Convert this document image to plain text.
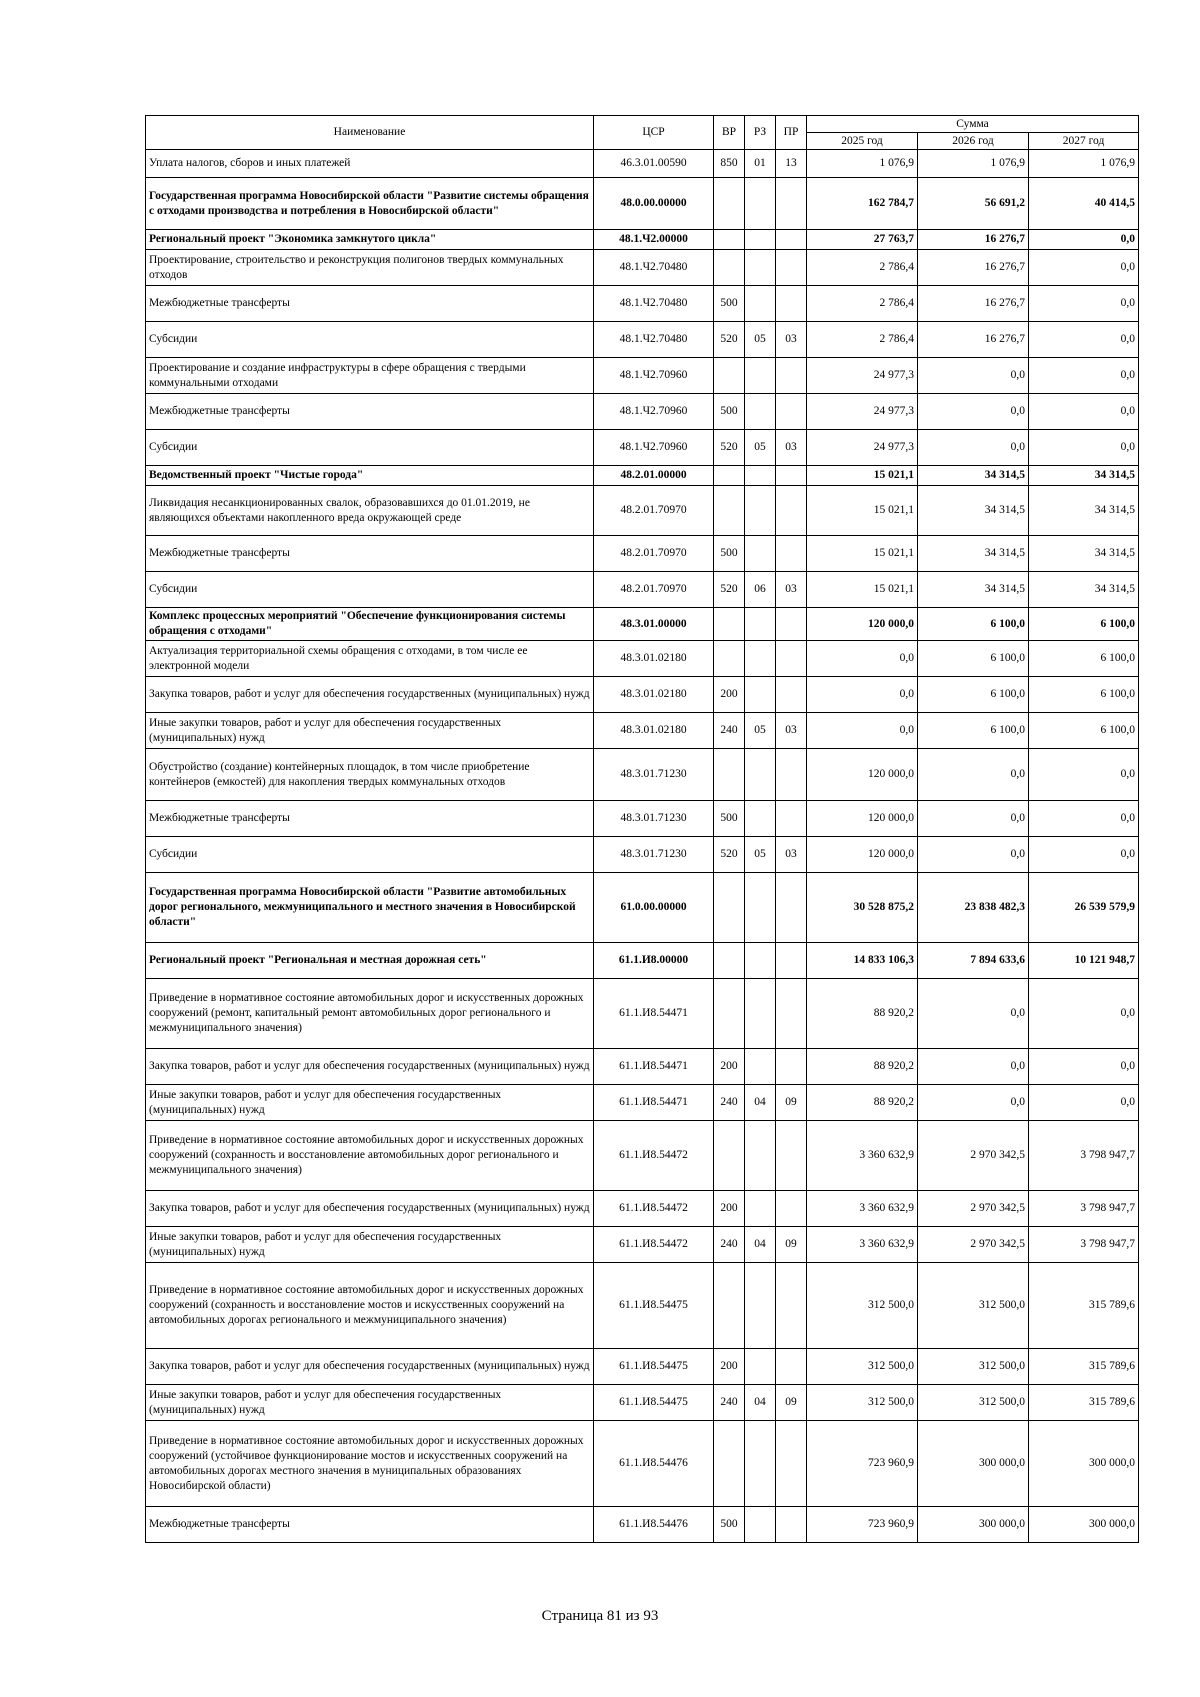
Наименование	ЦСР	ВР	РЗ	ПР	Сумма		
					2025 год	2026 год	2027 год
Уплата налогов, сборов и иных платежей	46.3.01.00590	850	01	13	1 076,9	1 076,9	1 076,9
Государственная программа Новосибирской области "Развитие системы обращения с отходами производства и потребления в Новосибирской области"	48.0.00.00000				162 784,7	56 691,2	40 414,5
Региональный проект "Экономика замкнутого цикла"	48.1.Ч2.00000				27 763,7	16 276,7	0,0
Проектирование, строительство и реконструкция полигонов твердых коммунальных отходов	48.1.Ч2.70480				2 786,4	16 276,7	0,0
Межбюджетные трансферты	48.1.Ч2.70480	500			2 786,4	16 276,7	0,0
Субсидии	48.1.Ч2.70480	520	05	03	2 786,4	16 276,7	0,0
Проектирование и создание инфраструктуры в сфере обращения с твердыми коммунальными отходами	48.1.Ч2.70960				24 977,3	0,0	0,0
Межбюджетные трансферты	48.1.Ч2.70960	500			24 977,3	0,0	0,0
Субсидии	48.1.Ч2.70960	520	05	03	24 977,3	0,0	0,0
Ведомственный проект "Чистые города"	48.2.01.00000				15 021,1	34 314,5	34 314,5
Ликвидация несанкционированных свалок, образовавшихся до 01.01.2019, не являющихся объектами накопленного вреда окружающей среде	48.2.01.70970				15 021,1	34 314,5	34 314,5
Межбюджетные трансферты	48.2.01.70970	500			15 021,1	34 314,5	34 314,5
Субсидии	48.2.01.70970	520	06	03	15 021,1	34 314,5	34 314,5
Комплекс процессных мероприятий "Обеспечение функционирования системы обращения с отходами"	48.3.01.00000				120 000,0	6 100,0	6 100,0
Актуализация территориальной схемы обращения с отходами, в том числе ее электронной модели	48.3.01.02180				0,0	6 100,0	6 100,0
Закупка товаров, работ и услуг для обеспечения государственных (муниципальных) нужд	48.3.01.02180	200			0,0	6 100,0	6 100,0
Иные закупки товаров, работ и услуг для обеспечения государственных (муниципальных) нужд	48.3.01.02180	240	05	03	0,0	6 100,0	6 100,0
Обустройство (создание) контейнерных площадок, в том числе приобретение контейнеров (емкостей) для накопления твердых коммунальных отходов	48.3.01.71230				120 000,0	0,0	0,0
Межбюджетные трансферты	48.3.01.71230	500			120 000,0	0,0	0,0
Субсидии	48.3.01.71230	520	05	03	120 000,0	0,0	0,0
Государственная программа Новосибирской области "Развитие автомобильных дорог регионального, межмуниципального и местного значения в Новосибирской области"	61.0.00.00000				30 528 875,2	23 838 482,3	26 539 579,9
Региональный проект "Региональная и местная дорожная сеть"	61.1.И8.00000				14 833 106,3	7 894 633,6	10 121 948,7
Приведение в нормативное состояние автомобильных дорог и искусственных дорожных сооружений (ремонт, капитальный ремонт автомобильных дорог регионального и межмуниципального значения)	61.1.И8.54471				88 920,2	0,0	0,0
Закупка товаров, работ и услуг для обеспечения государственных (муниципальных) нужд	61.1.И8.54471	200			88 920,2	0,0	0,0
Иные закупки товаров, работ и услуг для обеспечения государственных (муниципальных) нужд	61.1.И8.54471	240	04	09	88 920,2	0,0	0,0
Приведение в нормативное состояние автомобильных дорог и искусственных дорожных сооружений (сохранность и восстановление автомобильных дорог регионального и межмуниципального значения)	61.1.И8.54472				3 360 632,9	2 970 342,5	3 798 947,7
Закупка товаров, работ и услуг для обеспечения государственных (муниципальных) нужд	61.1.И8.54472	200			3 360 632,9	2 970 342,5	3 798 947,7
Иные закупки товаров, работ и услуг для обеспечения государственных (муниципальных) нужд	61.1.И8.54472	240	04	09	3 360 632,9	2 970 342,5	3 798 947,7
Приведение в нормативное состояние автомобильных дорог и искусственных дорожных сооружений (сохранность и восстановление мостов и искусственных сооружений на автомобильных дорогах регионального и межмуниципального значения)	61.1.И8.54475				312 500,0	312 500,0	315 789,6
Закупка товаров, работ и услуг для обеспечения государственных (муниципальных) нужд	61.1.И8.54475	200			312 500,0	312 500,0	315 789,6
Иные закупки товаров, работ и услуг для обеспечения государственных (муниципальных) нужд	61.1.И8.54475	240	04	09	312 500,0	312 500,0	315 789,6
Приведение в нормативное состояние автомобильных дорог и искусственных дорожных сооружений (устойчивое функционирование мостов и искусственных сооружений на автомобильных дорогах местного значения в муниципальных образованиях Новосибирской области)	61.1.И8.54476				723 960,9	300 000,0	300 000,0
Межбюджетные трансферты	61.1.И8.54476	500			723 960,9	300 000,0	300 000,0
Страница 81 из 93
